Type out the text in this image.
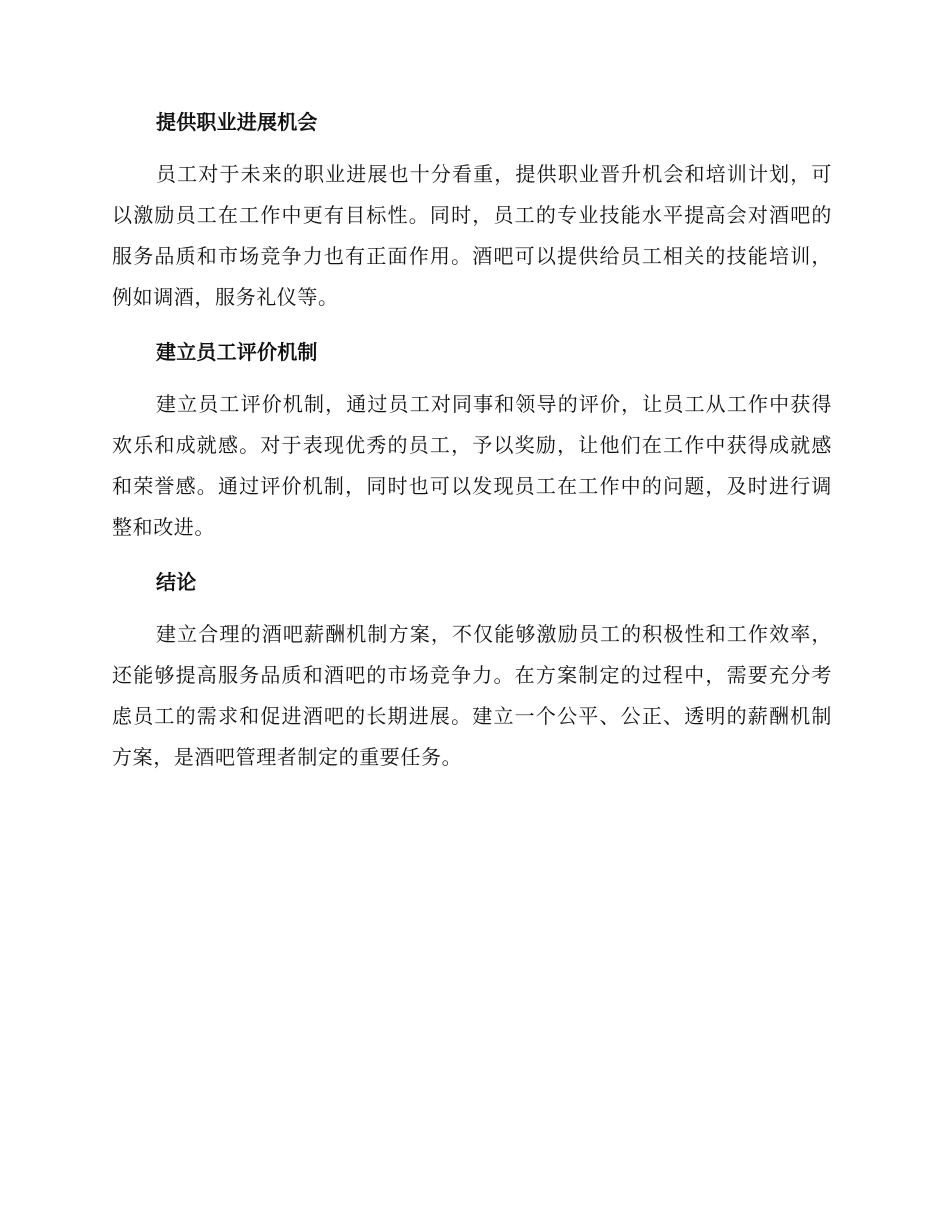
提供职业进展机会

员工对于未来的职业进展也十分看重，提供职业晋升机会和培训计划，可以激励员工在工作中更有目标性。同时，员工的专业技能水平提高会对酒吧的服务品质和市场竞争力也有正面作用。酒吧可以提供给员工相关的技能培训，例如调酒，服务礼仪等。

建立员工评价机制

建立员工评价机制，通过员工对同事和领导的评价，让员工从工作中获得欢乐和成就感。对于表现优秀的员工，予以奖励，让他们在工作中获得成就感和荣誉感。通过评价机制，同时也可以发现员工在工作中的问题，及时进行调整和改进。

结论

建立合理的酒吧薪酬机制方案，不仅能够激励员工的积极性和工作效率，还能够提高服务品质和酒吧的市场竞争力。在方案制定的过程中，需要充分考虑员工的需求和促进酒吧的长期进展。建立一个公平、公正、透明的薪酬机制方案，是酒吧管理者制定的重要任务。
